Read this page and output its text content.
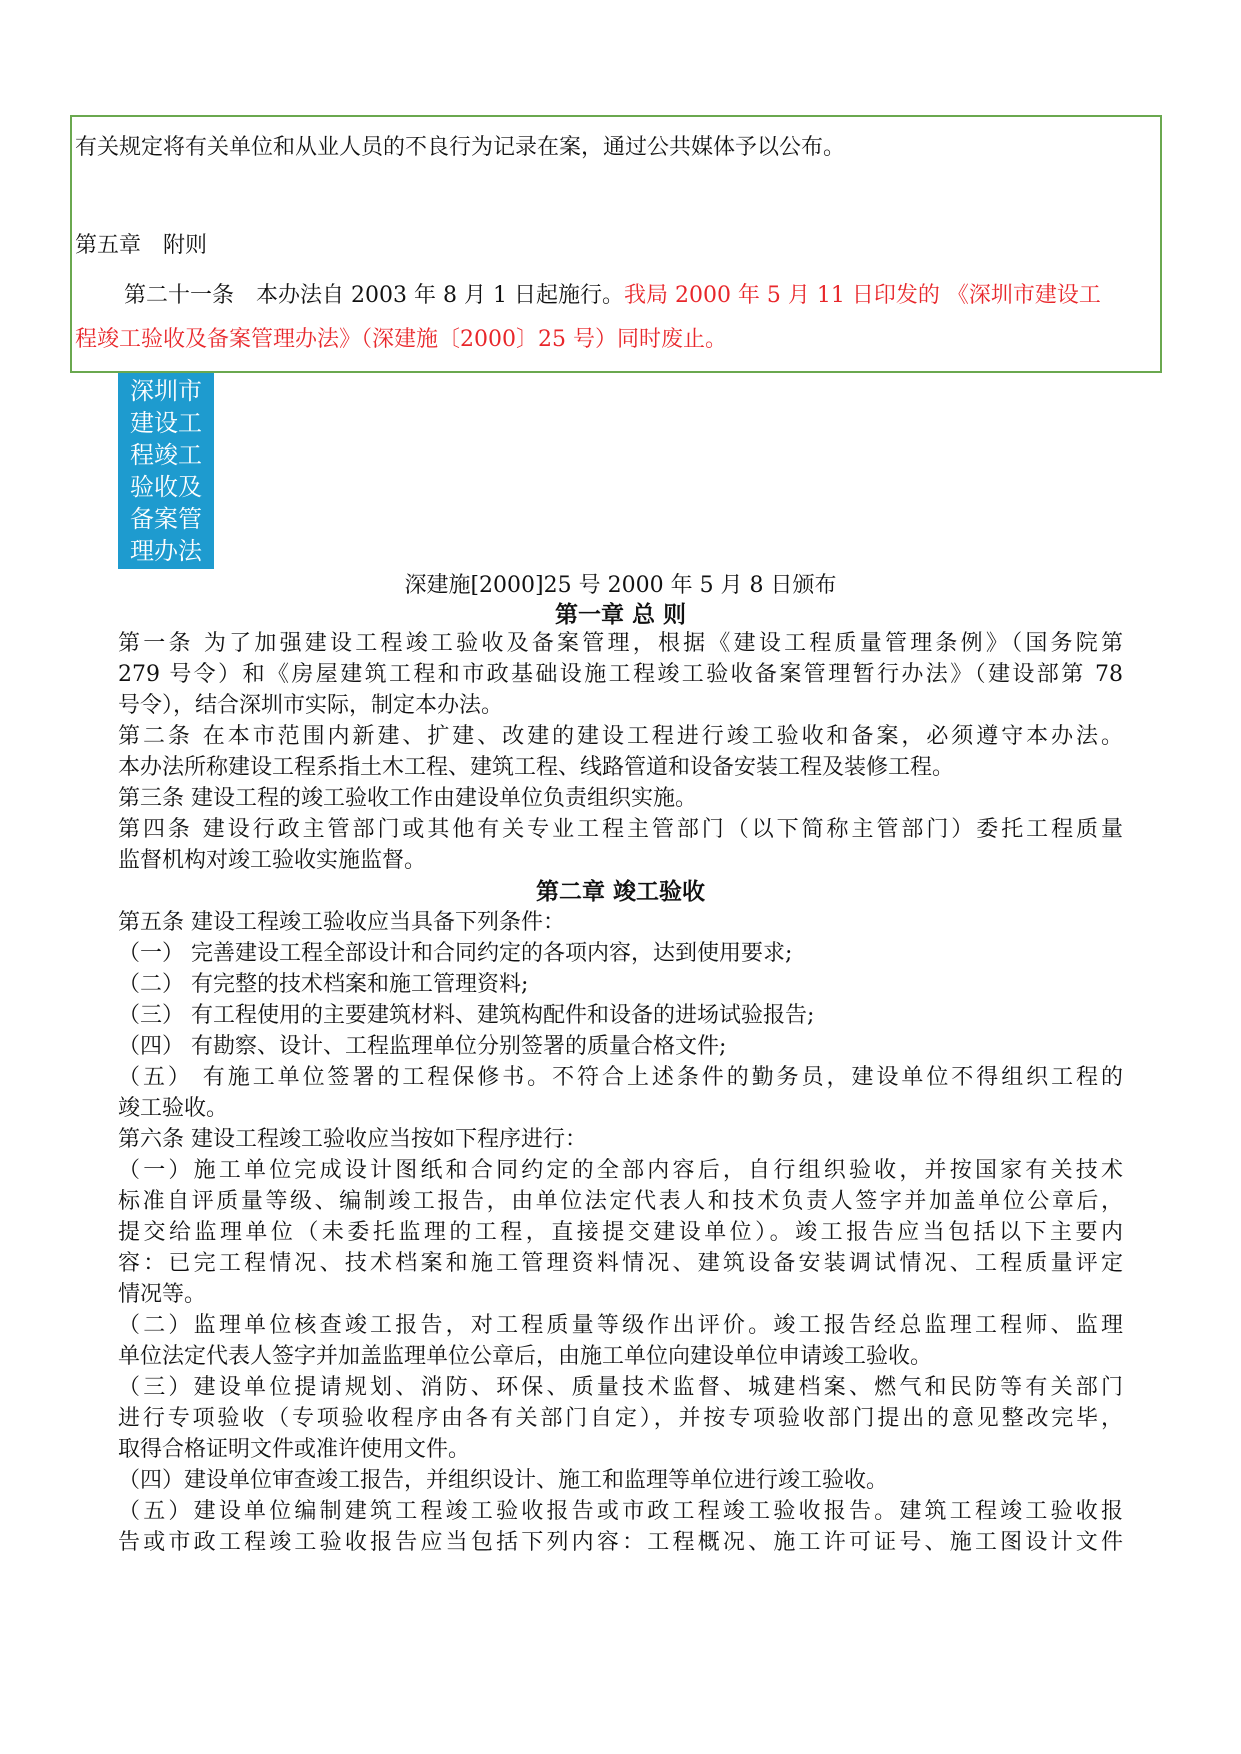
有关规定将有关单位和从业人员的不良行为记录在案，通过公共媒体予以公布。
第五章　附则
第二十一条　本办法自 2003 年 8 月 1 日起施行。我局 2000 年 5 月 11 日印发的 《深圳市建设工
程竣工验收及备案管理办法》（深建施〔2000〕25 号）同时废止。
深圳市
建设工
程竣工
验收及
备案管
理办法
深建施[2000]25 号 2000 年 5 月 8 日颁布
第一章 总 则
第一条 为了加强建设工程竣工验收及备案管理，根据《建设工程质量管理条例》（国务院第
279 号令）和《房屋建筑工程和市政基础设施工程竣工验收备案管理暂行办法》（建设部第 78
号令），结合深圳市实际，制定本办法。
第二条 在本市范围内新建、扩建、改建的建设工程进行竣工验收和备案，必须遵守本办法。
本办法所称建设工程系指土木工程、建筑工程、线路管道和设备安装工程及装修工程。
第三条 建设工程的竣工验收工作由建设单位负责组织实施。
第四条 建设行政主管部门或其他有关专业工程主管部门（以下简称主管部门）委托工程质量
监督机构对竣工验收实施监督。
第二章 竣工验收
第五条 建设工程竣工验收应当具备下列条件：
（一） 完善建设工程全部设计和合同约定的各项内容，达到使用要求;
（二） 有完整的技术档案和施工管理资料;
（三） 有工程使用的主要建筑材料、建筑构配件和设备的进场试验报告;
（四） 有勘察、设计、工程监理单位分别签署的质量合格文件;
（五） 有施工单位签署的工程保修书。不符合上述条件的勤务员，建设单位不得组织工程的
竣工验收。
第六条 建设工程竣工验收应当按如下程序进行：
（一）施工单位完成设计图纸和合同约定的全部内容后，自行组织验收，并按国家有关技术
标准自评质量等级、编制竣工报告，由单位法定代表人和技术负责人签字并加盖单位公章后，
提交给监理单位（未委托监理的工程，直接提交建设单位）。竣工报告应当包括以下主要内
容：已完工程情况、技术档案和施工管理资料情况、建筑设备安装调试情况、工程质量评定
情况等。
（二）监理单位核查竣工报告，对工程质量等级作出评价。竣工报告经总监理工程师、监理
单位法定代表人签字并加盖监理单位公章后，由施工单位向建设单位申请竣工验收。
（三）建设单位提请规划、消防、环保、质量技术监督、城建档案、燃气和民防等有关部门
进行专项验收（专项验收程序由各有关部门自定），并按专项验收部门提出的意见整改完毕，
取得合格证明文件或准许使用文件。
（四）建设单位审查竣工报告，并组织设计、施工和监理等单位进行竣工验收。
（五）建设单位编制建筑工程竣工验收报告或市政工程竣工验收报告。建筑工程竣工验收报
告或市政工程竣工验收报告应当包括下列内容：工程概况、施工许可证号、施工图设计文件
